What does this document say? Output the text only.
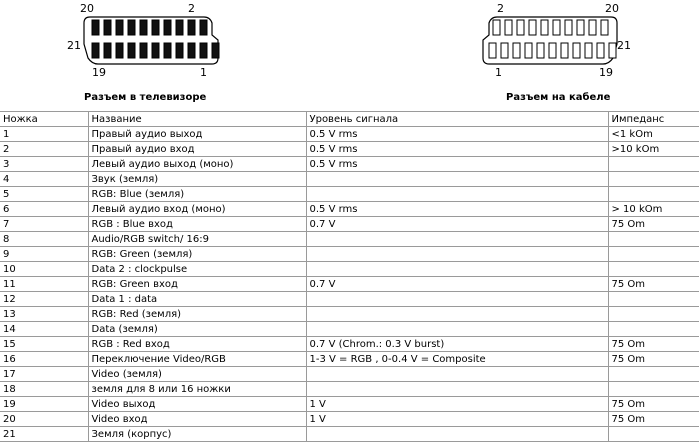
20	2
21
19	1
2	20
21
1	19
Разъем в телевизоре	Разъем на кабеле
Ножка	Название	Уровень сигнала	Импеданс
1	Правый аудио выход	0.5 V rms	<1 kOm
2	Правый аудио вход	0.5 V rms	>10 kOm
3	Левый аудио выход (моно)	0.5 V rms	
4	Звук (земля)		
5	RGB: Blue (земля)		
6	Левый аудио вход (моно)	0.5 V rms	> 10 kOm
7	RGB : Blue вход	0.7 V	75 Om
8	Audio/RGB switch/ 16:9		
9	RGB: Green (земля)		
10	Data 2 : clockpulse		
11	RGB: Green вход	0.7 V	75 Om
12	Data 1 : data		
13	RGB: Red (земля)		
14	Data (земля)		
15	RGB : Red вход	0.7 V (Chrom.: 0.3 V burst)	75 Om
16	Переключение Video/RGB	1-3 V = RGB , 0-0.4 V = Composite	75 Om
17	Video (земля)		
18	земля для 8 или 16 ножки		
19	Video выход	1 V	75 Om
20	Video вход	1 V	75 Om
21	Земля (корпус)		
